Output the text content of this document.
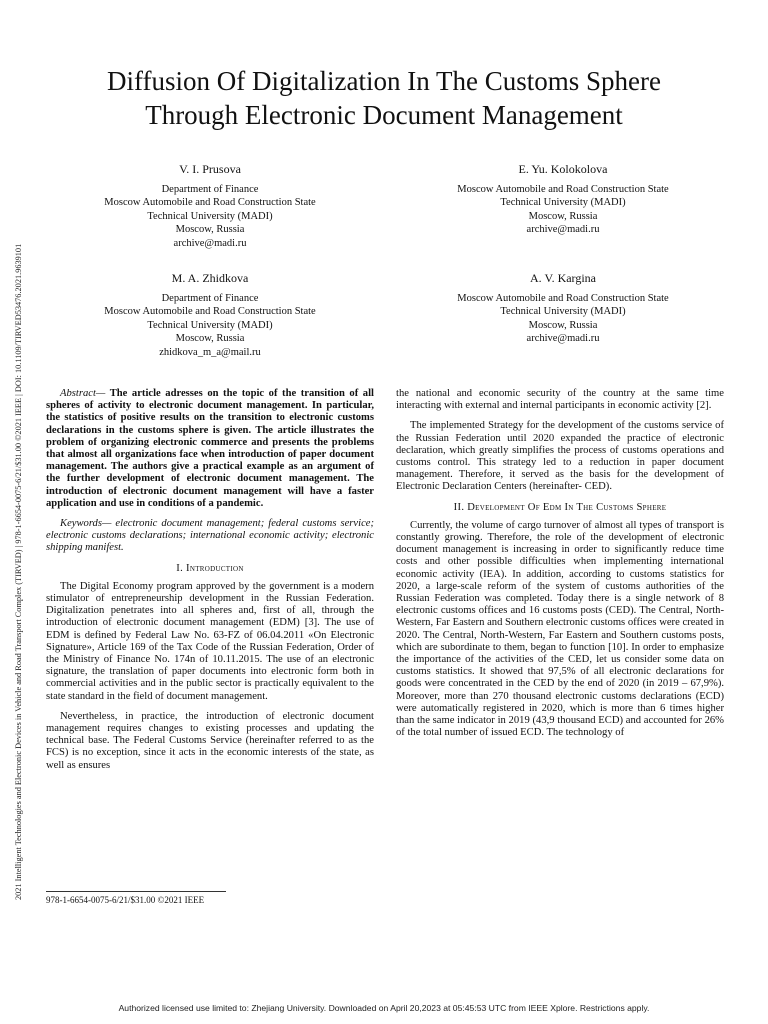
2021 Intelligent Technologies and Electronic Devices in Vehicle and Road Transport Complex (TIRVED) | 978-1-6654-0075-6/21/$31.00 ©2021 IEEE | DOI: 10.1109/TIRVED53476.2021.9639101
Diffusion Of Digitalization In The Customs Sphere
Through Electronic Document Management
V. I. Prusova
Department of Finance
Moscow Automobile and Road Construction State
Technical University (MADI)
Moscow, Russia
archive@madi.ru
E. Yu. Kolokolova
Moscow Automobile and Road Construction State
Technical University (MADI)
Moscow, Russia
archive@madi.ru
M. A. Zhidkova
Department of Finance
Moscow Automobile and Road Construction State
Technical University (MADI)
Moscow, Russia
zhidkova_m_a@mail.ru
A. V. Kargina
Moscow Automobile and Road Construction State
Technical University (MADI)
Moscow, Russia
archive@madi.ru

Abstract— The article adresses on the topic of the transition of all spheres of activity to electronic document management. In particular, the statistics of positive results on the transition to electronic customs declarations in the customs sphere is given. The article illustrates the problem of organizing electronic commerce and presents the problems that almost all organizations face when introduction of paper document management. The authors give a practical example as an argument of the further development of electronic document management. The introduction of electronic document management will have a faster application and use in conditions of a pandemic.

Keywords— electronic document management; federal customs service; electronic customs declarations; international economic activity; electronic shipping manifest.

I. Introduction

The Digital Economy program approved by the government is a modern stimulator of entrepreneurship development in the Russian Federation. Digitalization penetrates into all spheres and, first of all, through the introduction of electronic document management (EDM) [3]. The use of EDM is defined by Federal Law No. 63-FZ of 06.04.2011 «On Electronic Signature», Article 169 of the Tax Code of the Russian Federation, Order of the Ministry of Finance No. 174n of 10.11.2015. The use of an electronic signature, the translation of paper documents into electronic form both in commercial activities and in the public sector is practically equivalent to the state standard in the field of document management.

Nevertheless, in practice, the introduction of electronic document management requires changes to existing processes and updating the technical base. The Federal Customs Service (hereinafter referred to as the FCS) is no exception, since it acts in the economic interests of the state, as well as ensures

the national and economic security of the country at the same time interacting with external and internal participants in economic activity [2].

The implemented Strategy for the development of the customs service of the Russian Federation until 2020 expanded the practice of electronic declaration, which greatly simplifies the process of customs operations and customs control. This strategy led to a reduction in paper document management. Therefore, it served as the basis for the development of Electronic Declaration Centers (hereinafter- CED).

II. Development Of Edm In The Customs Sphere

Currently, the volume of cargo turnover of almost all types of transport is constantly growing. Therefore, the role of the development of electronic document management is increasing in order to significantly reduce time costs and other possible difficulties when implementing international economic activity (IEA). In addition, according to customs statistics for 2020, a large-scale reform of the system of customs authorities of the Russian Federation was completed. Today there is a single network of 8 electronic customs offices and 16 customs posts (CED). The Central, North-Western, Far Eastern and Southern electronic customs offices were created in 2020. The Central, North-Western, Far Eastern and Southern customs posts, which are subordinate to them, began to function [10]. In order to emphasize the importance of the activities of the CED, let us consider some data on customs statistics. It showed that 97,5% of all electronic declarations for goods were concentrated in the CED by the end of 2020 (in 2019 – 67,9%). Moreover, more than 270 thousand electronic customs declarations (ECD) were automatically registered in 2020, which is more than 6 times higher than the same indicator in 2019 (43,9 thousand ECD) and accounted for 26% of the total number of issued ECD. The technology of

978-1-6654-0075-6/21/$31.00 ©2021 IEEE
Authorized licensed use limited to: Zhejiang University. Downloaded on April 20,2023 at 05:45:53 UTC from IEEE Xplore. Restrictions apply.
